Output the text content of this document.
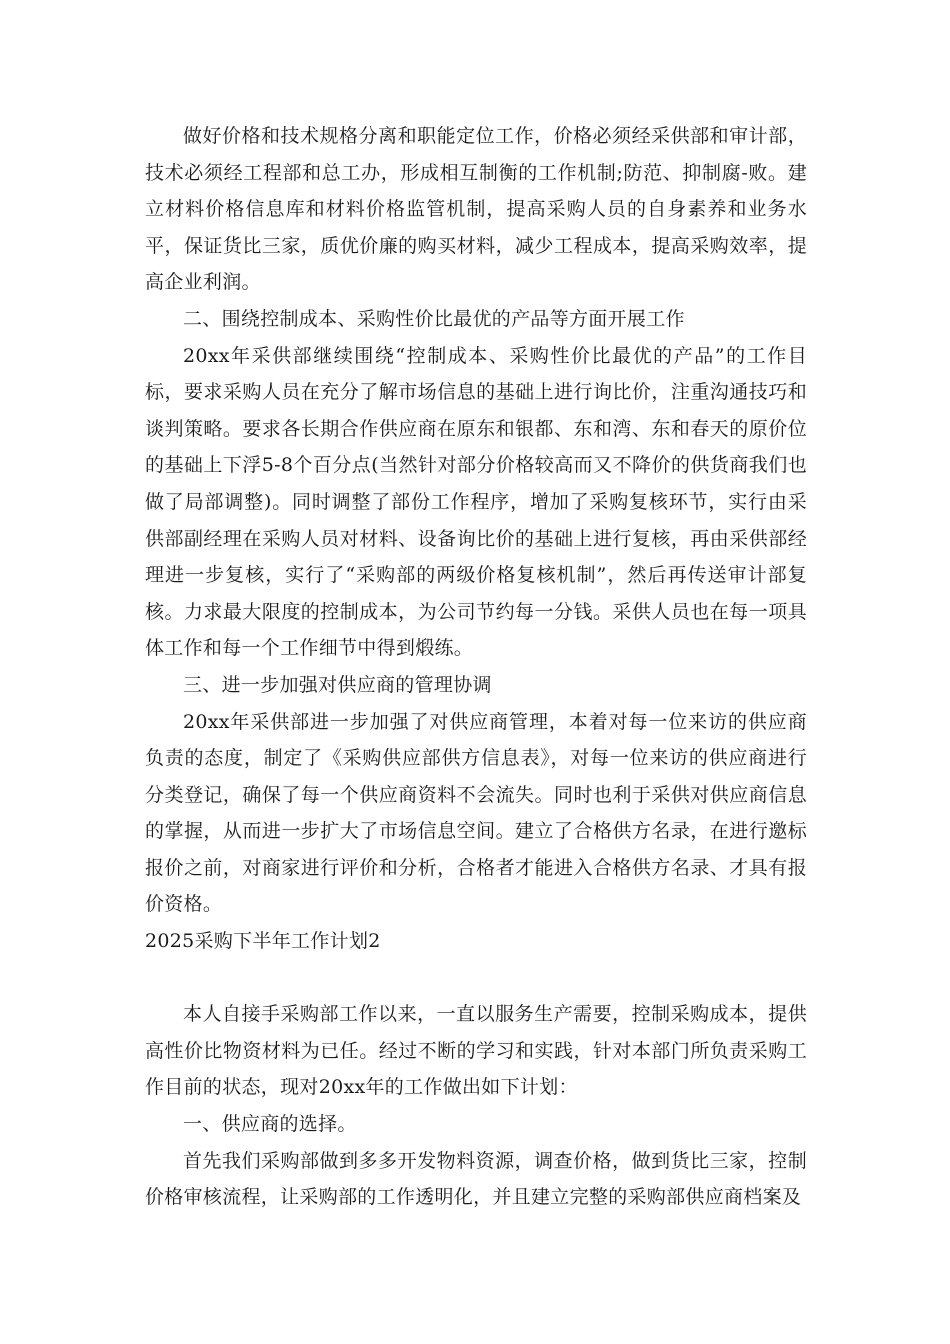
做好价格和技术规格分离和职能定位工作，价格必须经采供部和审计部，技术必须经工程部和总工办，形成相互制衡的工作机制;防范、抑制腐-败。建立材料价格信息库和材料价格监管机制，提高采购人员的自身素养和业务水平，保证货比三家，质优价廉的购买材料，减少工程成本，提高采购效率，提高企业利润。

二、围绕控制成本、采购性价比最优的产品等方面开展工作

20xx年采供部继续围绕“控制成本、采购性价比最优的产品”的工作目标，要求采购人员在充分了解市场信息的基础上进行询比价，注重沟通技巧和谈判策略。要求各长期合作供应商在原东和银都、东和湾、东和春天的原价位的基础上下浮5-8个百分点(当然针对部分价格较高而又不降价的供货商我们也做了局部调整)。同时调整了部份工作程序，增加了采购复核环节，实行由采供部副经理在采购人员对材料、设备询比价的基础上进行复核，再由采供部经理进一步复核，实行了“采购部的两级价格复核机制”，然后再传送审计部复核。力求最大限度的控制成本，为公司节约每一分钱。采供人员也在每一项具体工作和每一个工作细节中得到煅练。

三、进一步加强对供应商的管理协调

20xx年采供部进一步加强了对供应商管理，本着对每一位来访的供应商负责的态度，制定了《采购供应部供方信息表》，对每一位来访的供应商进行分类登记，确保了每一个供应商资料不会流失。同时也利于采供对供应商信息的掌握，从而进一步扩大了市场信息空间。建立了合格供方名录，在进行邀标报价之前，对商家进行评价和分析，合格者才能进入合格供方名录、才具有报价资格。

2025采购下半年工作计划2

本人自接手采购部工作以来，一直以服务生产需要，控制采购成本，提供高性价比物资材料为已任。经过不断的学习和实践，针对本部门所负责采购工作目前的状态，现对20xx年的工作做出如下计划：

一、供应商的选择。

首先我们采购部做到多多开发物料资源，调查价格，做到货比三家，控制价格审核流程，让采购部的工作透明化，并且建立完整的采购部供应商档案及
